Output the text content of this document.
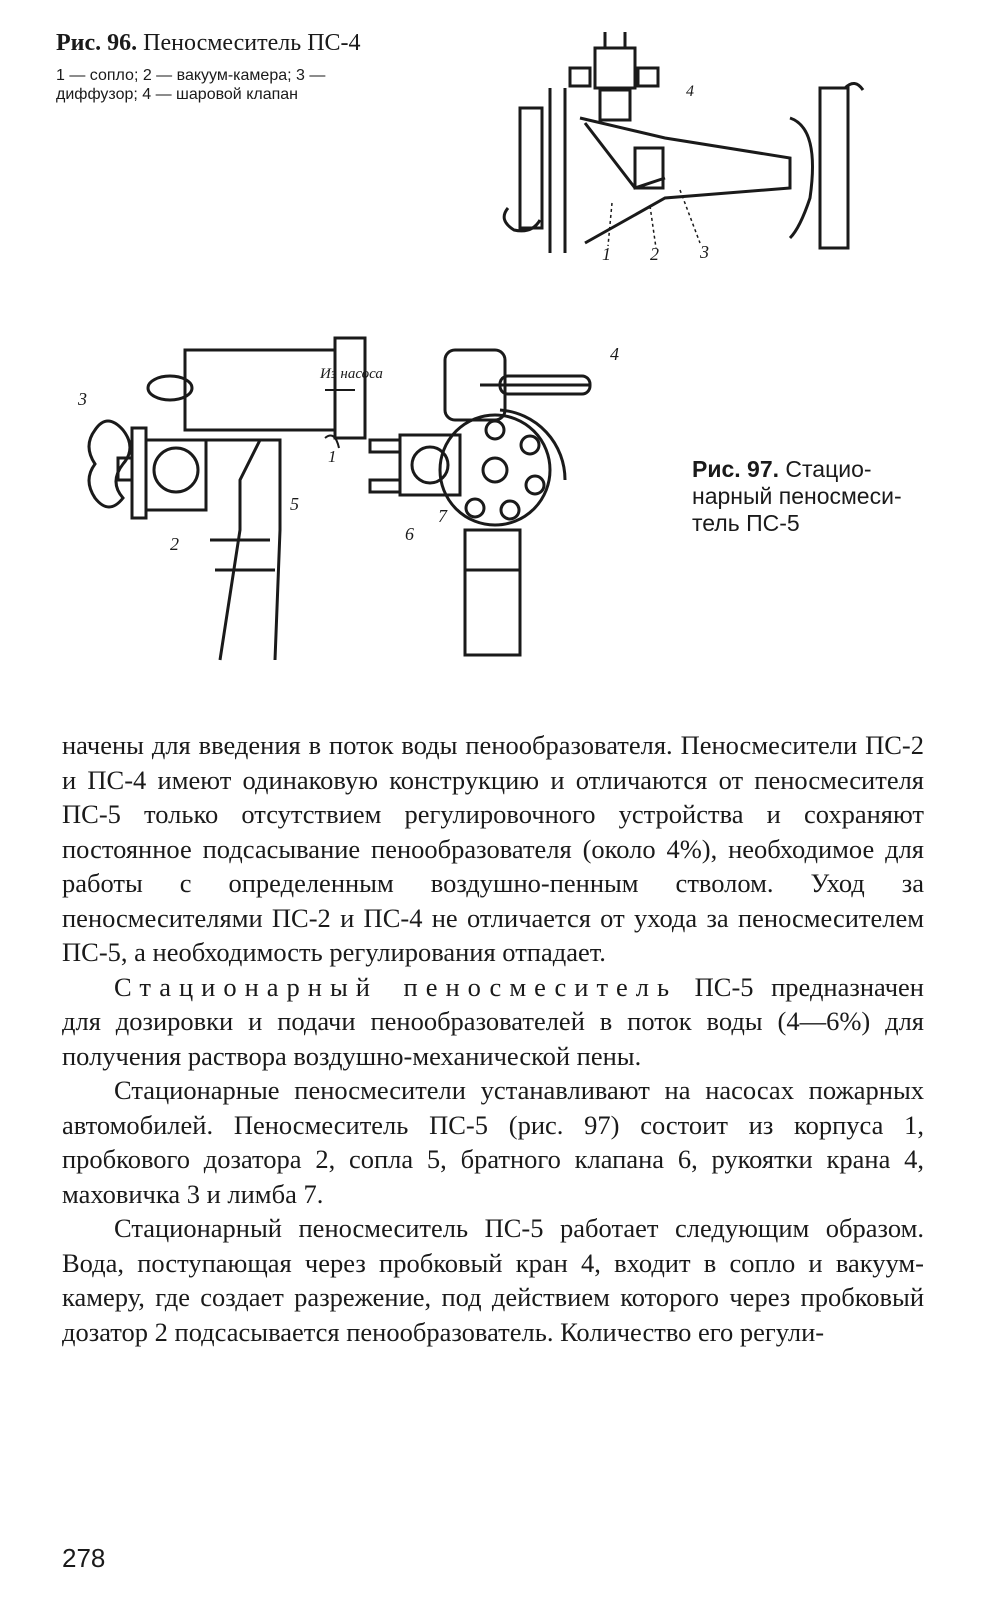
Рис. 96. Пеносмеситель ПС-4
1 — сопло; 2 — вакуум-камера; 3 —
диффузор; 4 — шаровой клапан
1 2 3
4
Из насоса
1
2
3
4
5
6
7
Рис. 97. Стацио-
нарный пеносмеси-
тель ПС-5

начены для введения в поток воды пенообразователя. Пеносмесители ПС-2 и ПС-4 имеют одинаковую конструкцию и отличаются от пеносмесителя ПС-5 только отсутствием регулировочного устройства и сохраняют постоянное подсасывание пенообразователя (около 4%), необходимое для работы с определенным воздушно-пенным стволом. Уход за пеносмесителями ПС-2 и ПС-4 не отличается от ухода за пеносмесителем ПС-5, а необходимость регулирования отпадает.

Стационарный пеносмеситель ПС-5 предназначен для дозировки и подачи пенообразователей в поток воды (4—6%) для получения раствора воздушно-механической пены.

Стационарные пеносмесители устанавливают на насосах пожарных автомобилей. Пеносмеситель ПС-5 (рис. 97) состоит из корпуса 1, пробкового дозатора 2, сопла 5, братного клапана 6, рукоятки крана 4, маховичка 3 и лимба 7.

Стационарный пеносмеситель ПС-5 работает следующим образом. Вода, поступающая через пробковый кран 4, входит в сопло и вакуум-камеру, где создает разрежение, под действием которого через пробковый дозатор 2 подсасывается пенообразователь. Количество его регули-

278
